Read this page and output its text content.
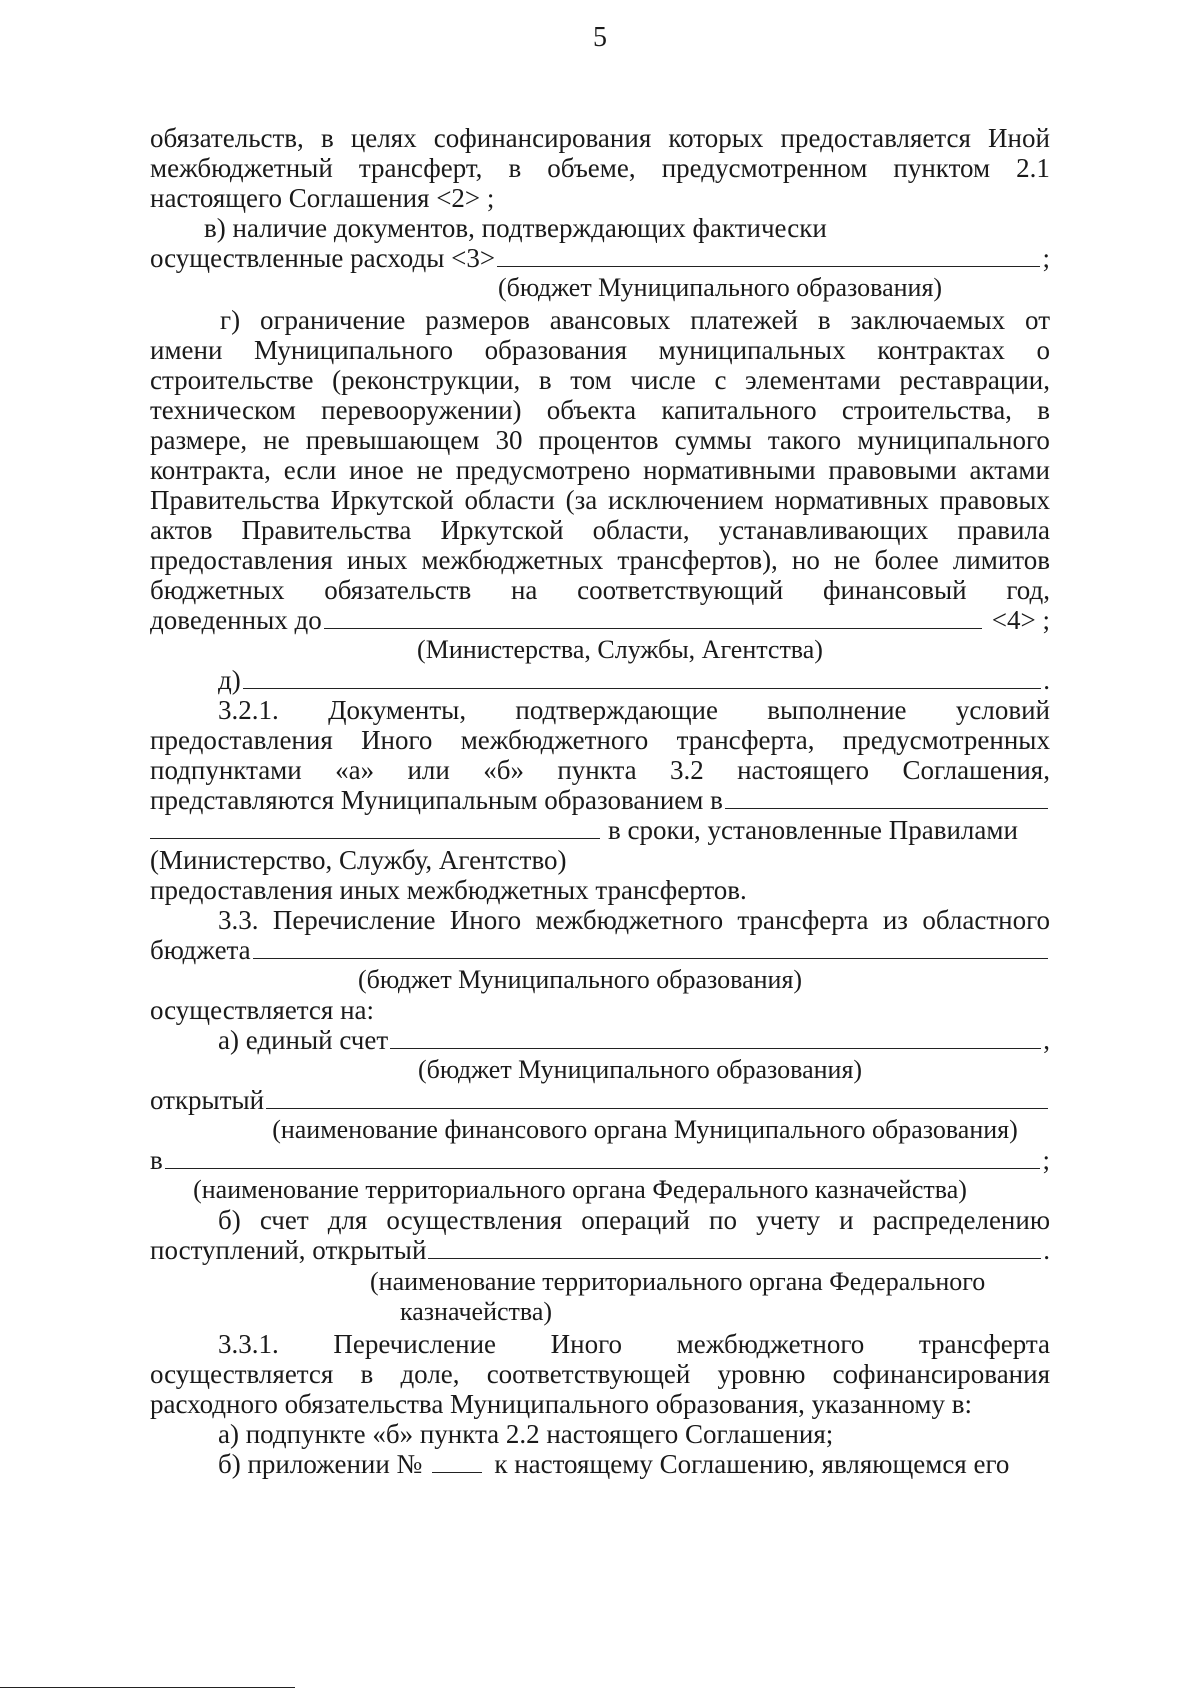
5
обязательств, в целях софинансирования которых предоставляется Иной
межбюджетный трансферт, в объеме, предусмотренном пунктом 2.1
настоящего Соглашения <2> ;
в) наличие документов, подтверждающих фактически
осуществленные расходы <3>	;
(бюджет Муниципального образования)
г) ограничение размеров авансовых платежей в заключаемых от
имени Муниципального образования муниципальных контрактах о
строительстве (реконструкции, в том числе с элементами реставрации,
техническом перевооружении) объекта капитального строительства, в
размере, не превышающем 30 процентов суммы такого муниципального
контракта, если иное не предусмотрено нормативными правовыми актами
Правительства Иркутской области (за исключением нормативных правовых
актов Правительства Иркутской области, устанавливающих правила
предоставления иных межбюджетных трансфертов), но не более лимитов
бюджетных обязательств на соответствующий финансовый год,
доведенных до	<4> ;
(Министерства, Службы, Агентства)
д)	.
3.2.1. Документы, подтверждающие выполнение условий
предоставления Иного межбюджетного трансферта, предусмотренных
подпунктами «а» или «б» пункта 3.2 настоящего Соглашения,
представляются Муниципальным образованием в
в сроки, установленные Правилами
(Министерство, Службу, Агентство)
предоставления иных межбюджетных трансфертов.
3.3. Перечисление Иного межбюджетного трансферта из областного
бюджета
(бюджет Муниципального образования)
осуществляется на:
а) единый счет	,
(бюджет Муниципального образования)
открытый
(наименование финансового органа Муниципального образования)
в	;
(наименование территориального органа Федерального казначейства)
б) счет для осуществления операций по учету и распределению
поступлений, открытый	.
(наименование территориального органа Федерального
казначейства)
3.3.1. Перечисление Иного межбюджетного трансферта
осуществляется в доле, соответствующей уровню софинансирования
расходного обязательства Муниципального образования, указанному в:
а) подпункте «б» пункта 2.2 настоящего Соглашения;
б) приложении №	к настоящему Соглашению, являющемся его
